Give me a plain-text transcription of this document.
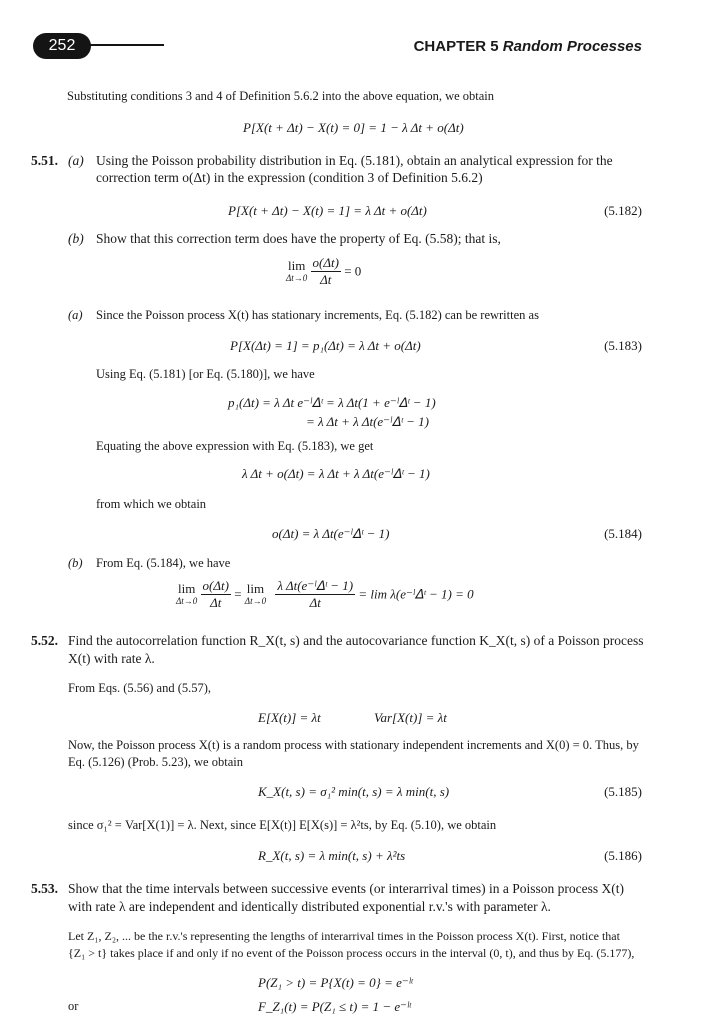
252	CHAPTER 5 Random Processes
Substituting conditions 3 and 4 of Definition 5.6.2 into the above equation, we obtain
P[X(t + Δt) − X(t) = 0] = 1 − λ Δt + o(Δt)
5.51. (a) Using the Poisson probability distribution in Eq. (5.181), obtain an analytical expression for the
correction term o(Δt) in the expression (condition 3 of Definition 5.6.2)
P[X(t + Δt) − X(t) = 1] = λ Δt + o(Δt)	(5.182)
(b) Show that this correction term does have the property of Eq. (5.58); that is,
lim
Δt→0
$\frac{o(\Delta t)}{\Delta t} = 0$
(a) Since the Poisson process X(t) has stationary increments, Eq. (5.182) can be rewritten as
P[X(Δt) = 1] = p₁(Δt) = λ Δt + o(Δt)	(5.183)
Using Eq. (5.181) [or Eq. (5.180)], we have
p₁(Δt) = λ Δt e⁻ˡᐃᵗ = λ Δt(1 + e⁻ˡᐃᵗ − 1)
= λ Δt + λ Δt(e⁻ˡᐃᵗ − 1)
Equating the above expression with Eq. (5.183), we get
λ Δt + o(Δt) = λ Δt + λ Δt(e⁻ˡᐃᵗ − 1)
from which we obtain
o(Δt) = λ Δt(e⁻ˡᐃᵗ − 1)	(5.184)
(b) From Eq. (5.184), we have
lim
Δt→0
$\frac{o(\Delta t)}{\Delta t} = \lim$
Δt→0
$\frac{\text{λ Δt(e⁻ˡᐃᵗ − 1)}}{\Delta t} = \lim$ λ(e⁻ˡᐃᵗ − 1) = 0
5.52. Find the autocorrelation function R_X(t, s) and the autocovariance function K_X(t, s) of a Poisson process
X(t) with rate λ.
From Eqs. (5.56) and (5.57),
E[X(t)] = λt	Var[X(t)] = λt
Now, the Poisson process X(t) is a random process with stationary independent increments and X(0) = 0. Thus, by
Eq. (5.126) (Prob. 5.23), we obtain
K_X(t, s) = σ₁² min(t, s) = λ min(t, s)	(5.185)
since σ₁² = Var[X(1)] = λ. Next, since E[X(t)] E[X(s)] = λ²ts, by Eq. (5.10), we obtain
R_X(t, s) = λ min(t, s) + λ²ts	(5.186)
5.53. Show that the time intervals between successive events (or interarrival times) in a Poisson process X(t)
with rate λ are independent and identically distributed exponential r.v.'s with parameter λ.
Let Z₁, Z₂, ... be the r.v.'s representing the lengths of interarrival times in the Poisson process X(t). First, notice that
{Z₁ > t} takes place if and only if no event of the Poisson process occurs in the interval (0, t), and thus by Eq. (5.177),
P(Z₁ > t) = P{X(t) = 0} = e⁻ˡᵗ
or	F_Z₁(t) = P(Z₁ ≤ t) = 1 − e⁻ˡᵗ
